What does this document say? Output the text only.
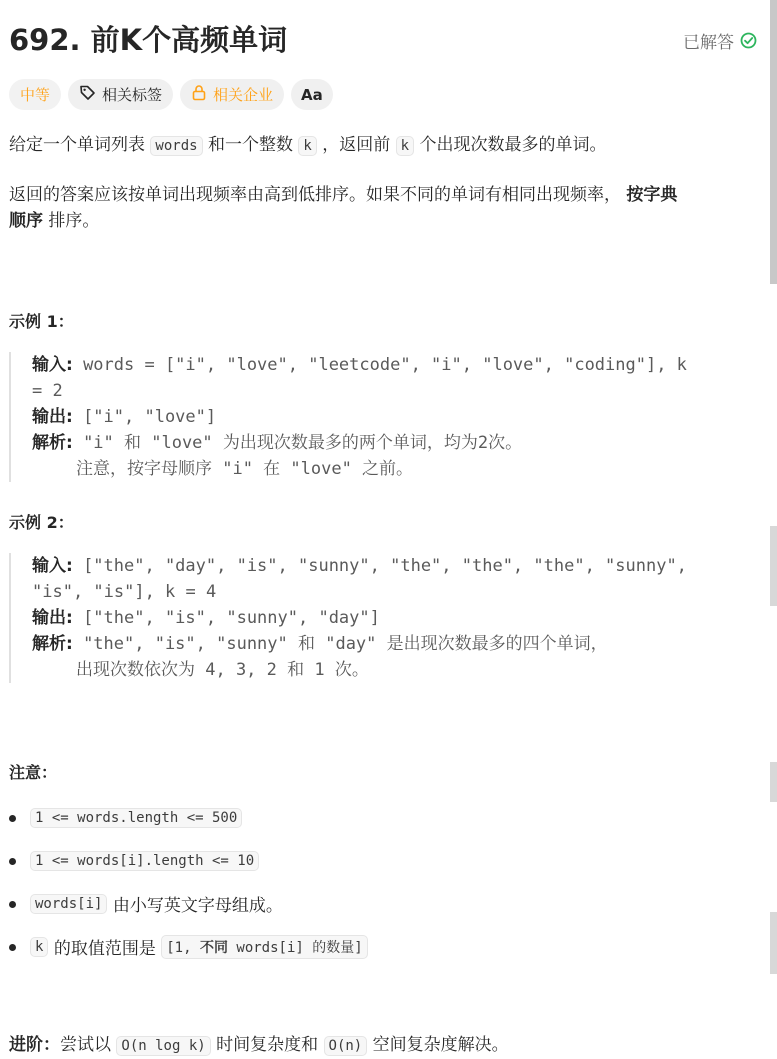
692. 前K个高频单词	已解答
中等	相关标签	相关企业 Aa
给定一个单词列表 words 和一个整数 k ，返回前 k 个出现次数最多的单词。
返回的答案应该按单词出现频率由高到低排序。如果不同的单词有相同出现频率， 按字典
顺序 排序。
示例 1：
输入: words = ["i", "love", "leetcode", "i", "love", "coding"], k
= 2
输出: ["i", "love"]
解析: "i" 和 "love" 为出现次数最多的两个单词，均为2次。
注意，按字母顺序 "i" 在 "love" 之前。
示例 2：
输入: ["the", "day", "is", "sunny", "the", "the", "the", "sunny",
"is", "is"], k = 4
输出: ["the", "is", "sunny", "day"]
解析: "the", "is", "sunny" 和 "day" 是出现次数最多的四个单词，
出现次数依次为 4, 3, 2 和 1 次。
注意：
1 <= words.length <= 500
1 <= words[i].length <= 10
words[i]
由小写英文字母组成。
k
的取值范围是
[1, 不同 words[i] 的数量]
进阶：尝试以 O(n log k) 时间复杂度和 O(n) 空间复杂度解决。
